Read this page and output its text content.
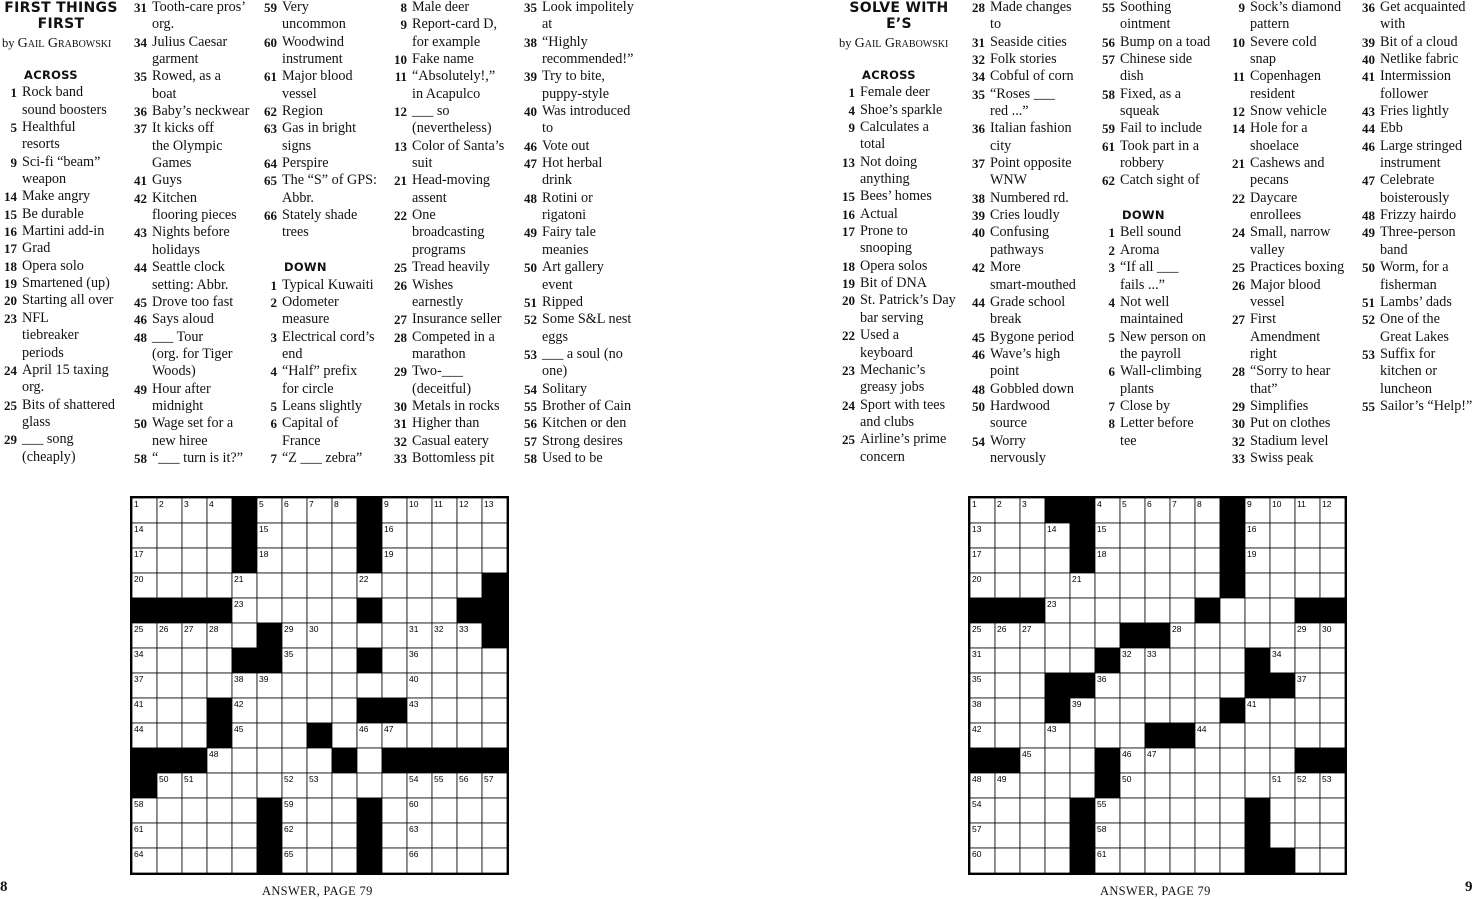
FIRST THINGS
FIRST
by Gail Grabowski
ACROSS
1 Rock band
sound boosters
5 Healthful
resorts
9 Sci-fi “beam”
weapon
14 Make angry
15 Be durable
16 Martini add-in
17 Grad
18 Opera solo
19 Smartened (up)
20 Starting all over
23 NFL
tiebreaker
periods
24 April 15 taxing
org.
25 Bits of shattered
glass
29 ___ song
(cheaply)
31 Tooth-care pros’
org.
34 Julius Caesar
garment
35 Rowed, as a
boat
36 Baby’s neckwear
37 It kicks off
the Olympic
Games
41 Guys
42 Kitchen
flooring pieces
43 Nights before
holidays
44 Seattle clock
setting: Abbr.
45 Drove too fast
46 Says aloud
48 ___ Tour
(org. for Tiger
Woods)
49 Hour after
midnight
50 Wage set for a
new hiree
58 “___ turn is it?”
59 Very
uncommon
60 Woodwind
instrument
61 Major blood
vessel
62 Region
63 Gas in bright
signs
64 Perspire
65 The “S” of GPS:
Abbr.
66 Stately shade
trees
DOWN
1 Typical Kuwaiti
2 Odometer
measure
3 Electrical cord’s
end
4 “Half” prefix
for circle
5 Leans slightly
6 Capital of
France
7 “Z ___ zebra”
8 Male deer
9 Report-card D,
for example
10 Fake name
11 “Absolutely!,”
in Acapulco
12 ___ so
(nevertheless)
13 Color of Santa’s
suit
21 Head-moving
assent
22 One
broadcasting
programs
25 Tread heavily
26 Wishes
earnestly
27 Insurance seller
28 Competed in a
marathon
29 Two-___
(deceitful)
30 Metals in rocks
31 Higher than
32 Casual eatery
33 Bottomless pit
35 Look impolitely
at
38 “Highly
recommended!”
39 Try to bite,
puppy-style
40 Was introduced
to
46 Vote out
47 Hot herbal
drink
48 Rotini or
rigatoni
49 Fairy tale
meanies
50 Art gallery
event
51 Ripped
52 Some S&L nest
eggs
53 ___ a soul (no
one)
54 Solitary
55 Brother of Cain
56 Kitchen or den
57 Strong desires
58 Used to be
1 2 3 4	5 6 7 8	9 10 11 12 13
14	15	16
17	18	19
20	21	22
23
25 26 27 28	29 30	31 32 33
34	35	36
37	38 39	40
41	42	43
44	45	46 47
48
50 51	52 53	54 55 56 57
58	59	60
61	62	63
64	65	66
8	ANSWER, PAGE 79
SOLVE WITH
E’S
by Gail Grabowski
ACROSS
1 Female deer
4 Shoe’s sparkle
9 Calculates a
total
13 Not doing
anything
15 Bees’ homes
16 Actual
17 Prone to
snooping
18 Opera solos
19 Bit of DNA
20 St. Patrick’s Day
bar serving
22 Used a
keyboard
23 Mechanic’s
greasy jobs
24 Sport with tees
and clubs
25 Airline’s prime
concern
28 Made changes
to
31 Seaside cities
32 Folk stories
34 Cobful of corn
35 “Roses ___
red ...”
36 Italian fashion
city
37 Point opposite
WNW
38 Numbered rd.
39 Cries loudly
40 Confusing
pathways
42 More
smart-mouthed
44 Grade school
break
45 Bygone period
46 Wave’s high
point
48 Gobbled down
50 Hardwood
source
54 Worry
nervously
55 Soothing
ointment
56 Bump on a toad
57 Chinese side
dish
58 Fixed, as a
squeak
59 Fail to include
61 Took part in a
robbery
62 Catch sight of
DOWN
1 Bell sound
2 Aroma
3 “If all ___
fails ...”
4 Not well
maintained
5 New person on
the payroll
6 Wall-climbing
plants
7 Close by
8 Letter before
tee
9 Sock’s diamond
pattern
10 Severe cold
snap
11 Copenhagen
resident
12 Snow vehicle
14 Hole for a
shoelace
21 Cashews and
pecans
22 Daycare
enrollees
24 Small, narrow
valley
25 Practices boxing
26 Major blood
vessel
27 First
Amendment
right
28 “Sorry to hear
that”
29 Simplifies
30 Put on clothes
32 Stadium level
33 Swiss peak
36 Get acquainted
with
39 Bit of a cloud
40 Netlike fabric
41 Intermission
follower
43 Fries lightly
44 Ebb
46 Large stringed
instrument
47 Celebrate
boisterously
48 Frizzy hairdo
49 Three-person
band
50 Worm, for a
fisherman
51 Lambs’ dads
52 One of the
Great Lakes
53 Suffix for
kitchen or
luncheon
55 Sailor’s “Help!”
1 2 3	4 5 6 7 8	9 10 11 12
13	14	15	16
17	18	19
20	21
23
25 26 27	28	29 30
31	32 33	34
35	36	37
38	39	41
42	43	44
45	46 47
48 49	50	51 52 53
54	55
57	58
60	61
9
ANSWER, PAGE 79
